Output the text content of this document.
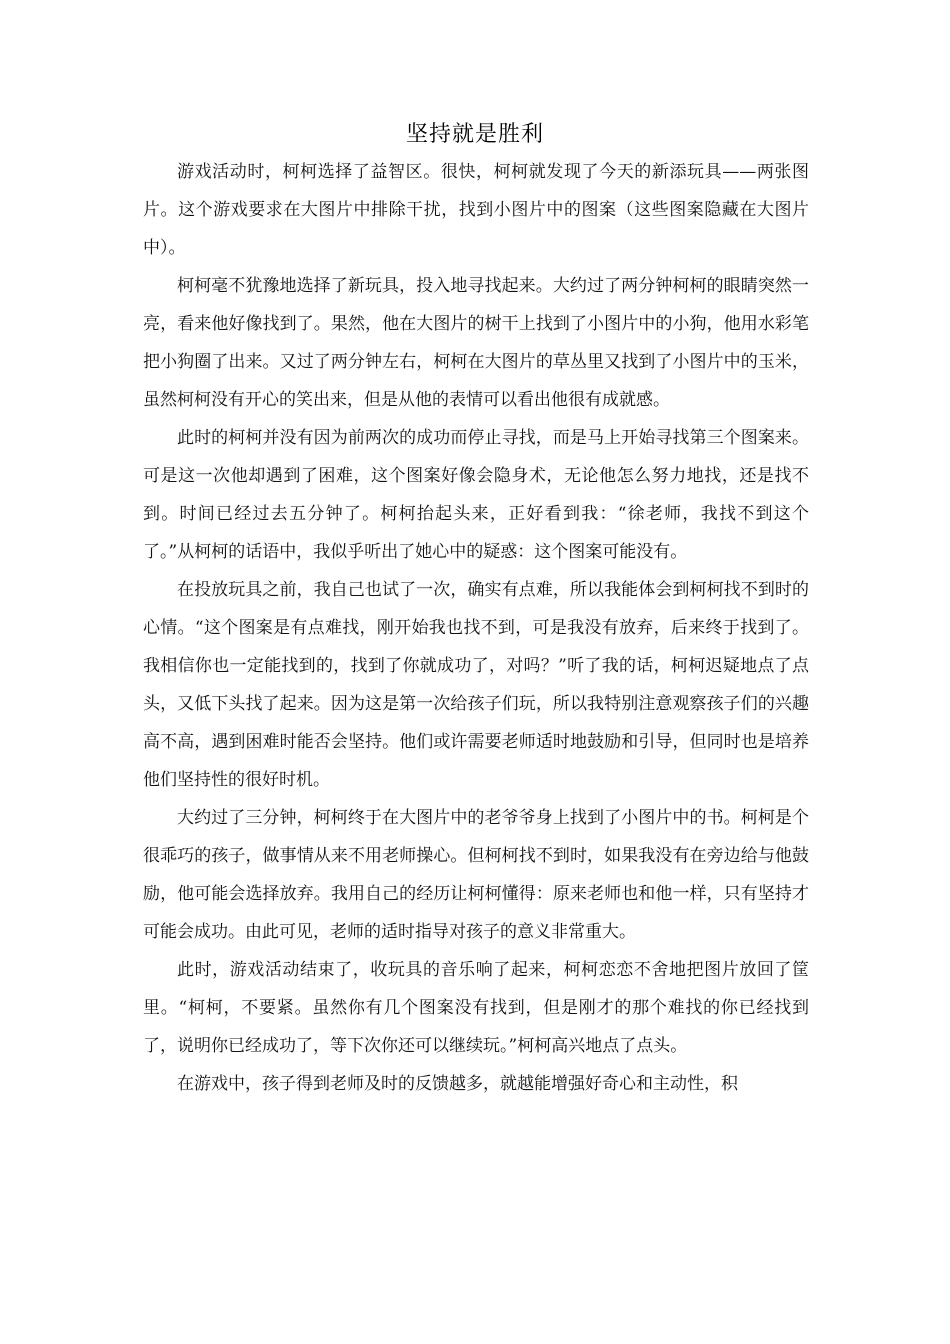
坚持就是胜利

游戏活动时，柯柯选择了益智区。很快，柯柯就发现了今天的新添玩具——两张图片。这个游戏要求在大图片中排除干扰，找到小图片中的图案（这些图案隐藏在大图片中）。

柯柯毫不犹豫地选择了新玩具，投入地寻找起来。大约过了两分钟柯柯的眼睛突然一亮，看来他好像找到了。果然，他在大图片的树干上找到了小图片中的小狗，他用水彩笔把小狗圈了出来。又过了两分钟左右，柯柯在大图片的草丛里又找到了小图片中的玉米，虽然柯柯没有开心的笑出来，但是从他的表情可以看出他很有成就感。

此时的柯柯并没有因为前两次的成功而停止寻找，而是马上开始寻找第三个图案来。可是这一次他却遇到了困难，这个图案好像会隐身术，无论他怎么努力地找，还是找不到。时间已经过去五分钟了。柯柯抬起头来，正好看到我：“徐老师，我找不到这个了。”从柯柯的话语中，我似乎听出了她心中的疑惑：这个图案可能没有。

在投放玩具之前，我自己也试了一次，确实有点难，所以我能体会到柯柯找不到时的心情。“这个图案是有点难找，刚开始我也找不到，可是我没有放弃，后来终于找到了。我相信你也一定能找到的，找到了你就成功了，对吗？”听了我的话，柯柯迟疑地点了点头，又低下头找了起来。因为这是第一次给孩子们玩，所以我特别注意观察孩子们的兴趣高不高，遇到困难时能否会坚持。他们或许需要老师适时地鼓励和引导，但同时也是培养他们坚持性的很好时机。

大约过了三分钟，柯柯终于在大图片中的老爷爷身上找到了小图片中的书。柯柯是个很乖巧的孩子，做事情从来不用老师操心。但柯柯找不到时，如果我没有在旁边给与他鼓励，他可能会选择放弃。我用自己的经历让柯柯懂得：原来老师也和他一样，只有坚持才可能会成功。由此可见，老师的适时指导对孩子的意义非常重大。

此时，游戏活动结束了，收玩具的音乐响了起来，柯柯恋恋不舍地把图片放回了筐里。“柯柯，不要紧。虽然你有几个图案没有找到，但是刚才的那个难找的你已经找到了，说明你已经成功了，等下次你还可以继续玩。”柯柯高兴地点了点头。

在游戏中，孩子得到老师及时的反馈越多，就越能增强好奇心和主动性，积
